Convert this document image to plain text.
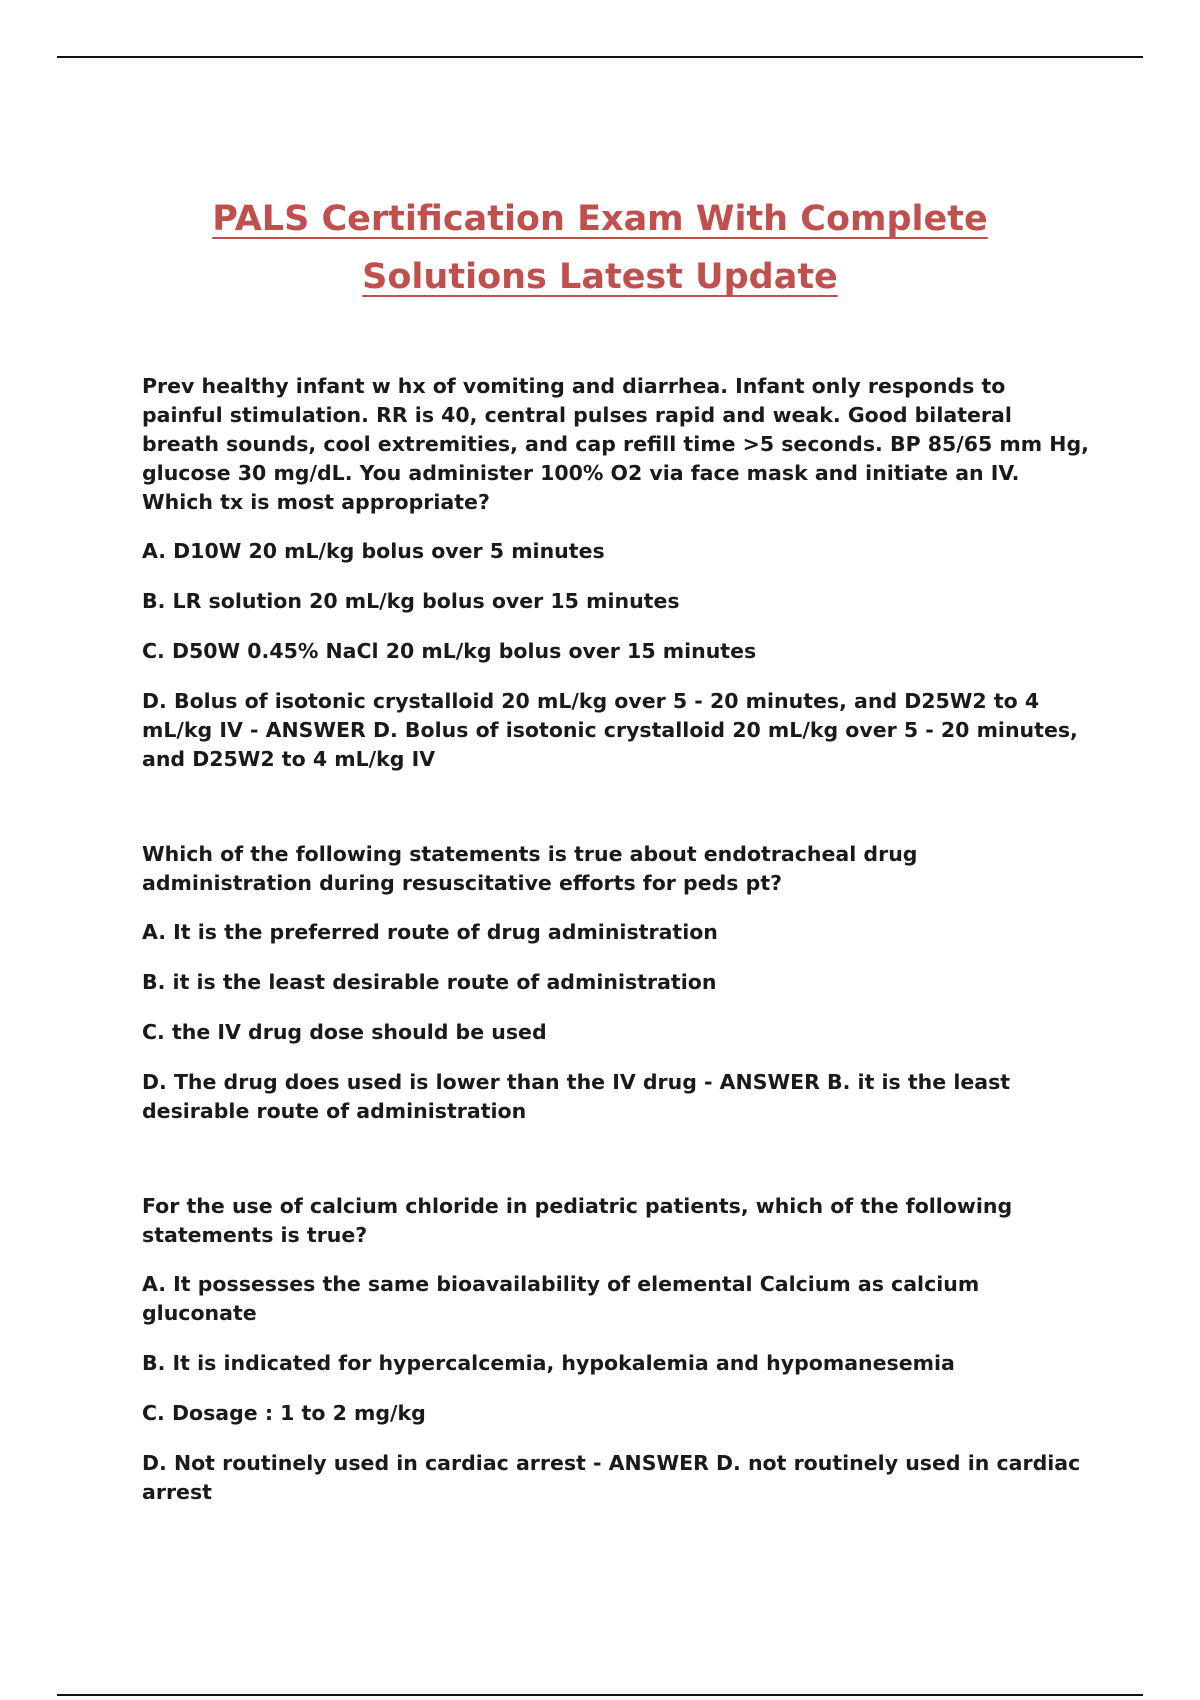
PALS Certification Exam With Complete
Solutions Latest Update

Prev healthy infant w hx of vomiting and diarrhea. Infant only responds to painful stimulation. RR is 40, central pulses rapid and weak. Good bilateral breath sounds, cool extremities, and cap refill time >5 seconds. BP 85/65 mm Hg, glucose 30 mg/dL. You administer 100% O2 via face mask and initiate an IV. Which tx is most appropriate?

A. D10W 20 mL/kg bolus over 5 minutes

B. LR solution 20 mL/kg bolus over 15 minutes

C. D50W 0.45% NaCl 20 mL/kg bolus over 15 minutes

D. Bolus of isotonic crystalloid 20 mL/kg over 5 - 20 minutes, and D25W2 to 4 mL/kg IV - ANSWER D. Bolus of isotonic crystalloid 20 mL/kg over 5 - 20 minutes, and D25W2 to 4 mL/kg IV

Which of the following statements is true about endotracheal drug administration during resuscitative efforts for peds pt?

A. It is the preferred route of drug administration

B. it is the least desirable route of administration

C. the IV drug dose should be used

D. The drug does used is lower than the IV drug - ANSWER B. it is the least desirable route of administration

For the use of calcium chloride in pediatric patients, which of the following statements is true?

A. It possesses the same bioavailability of elemental Calcium as calcium gluconate

B. It is indicated for hypercalcemia, hypokalemia and hypomanesemia

C. Dosage : 1 to 2 mg/kg

D. Not routinely used in cardiac arrest - ANSWER D. not routinely used in cardiac arrest
